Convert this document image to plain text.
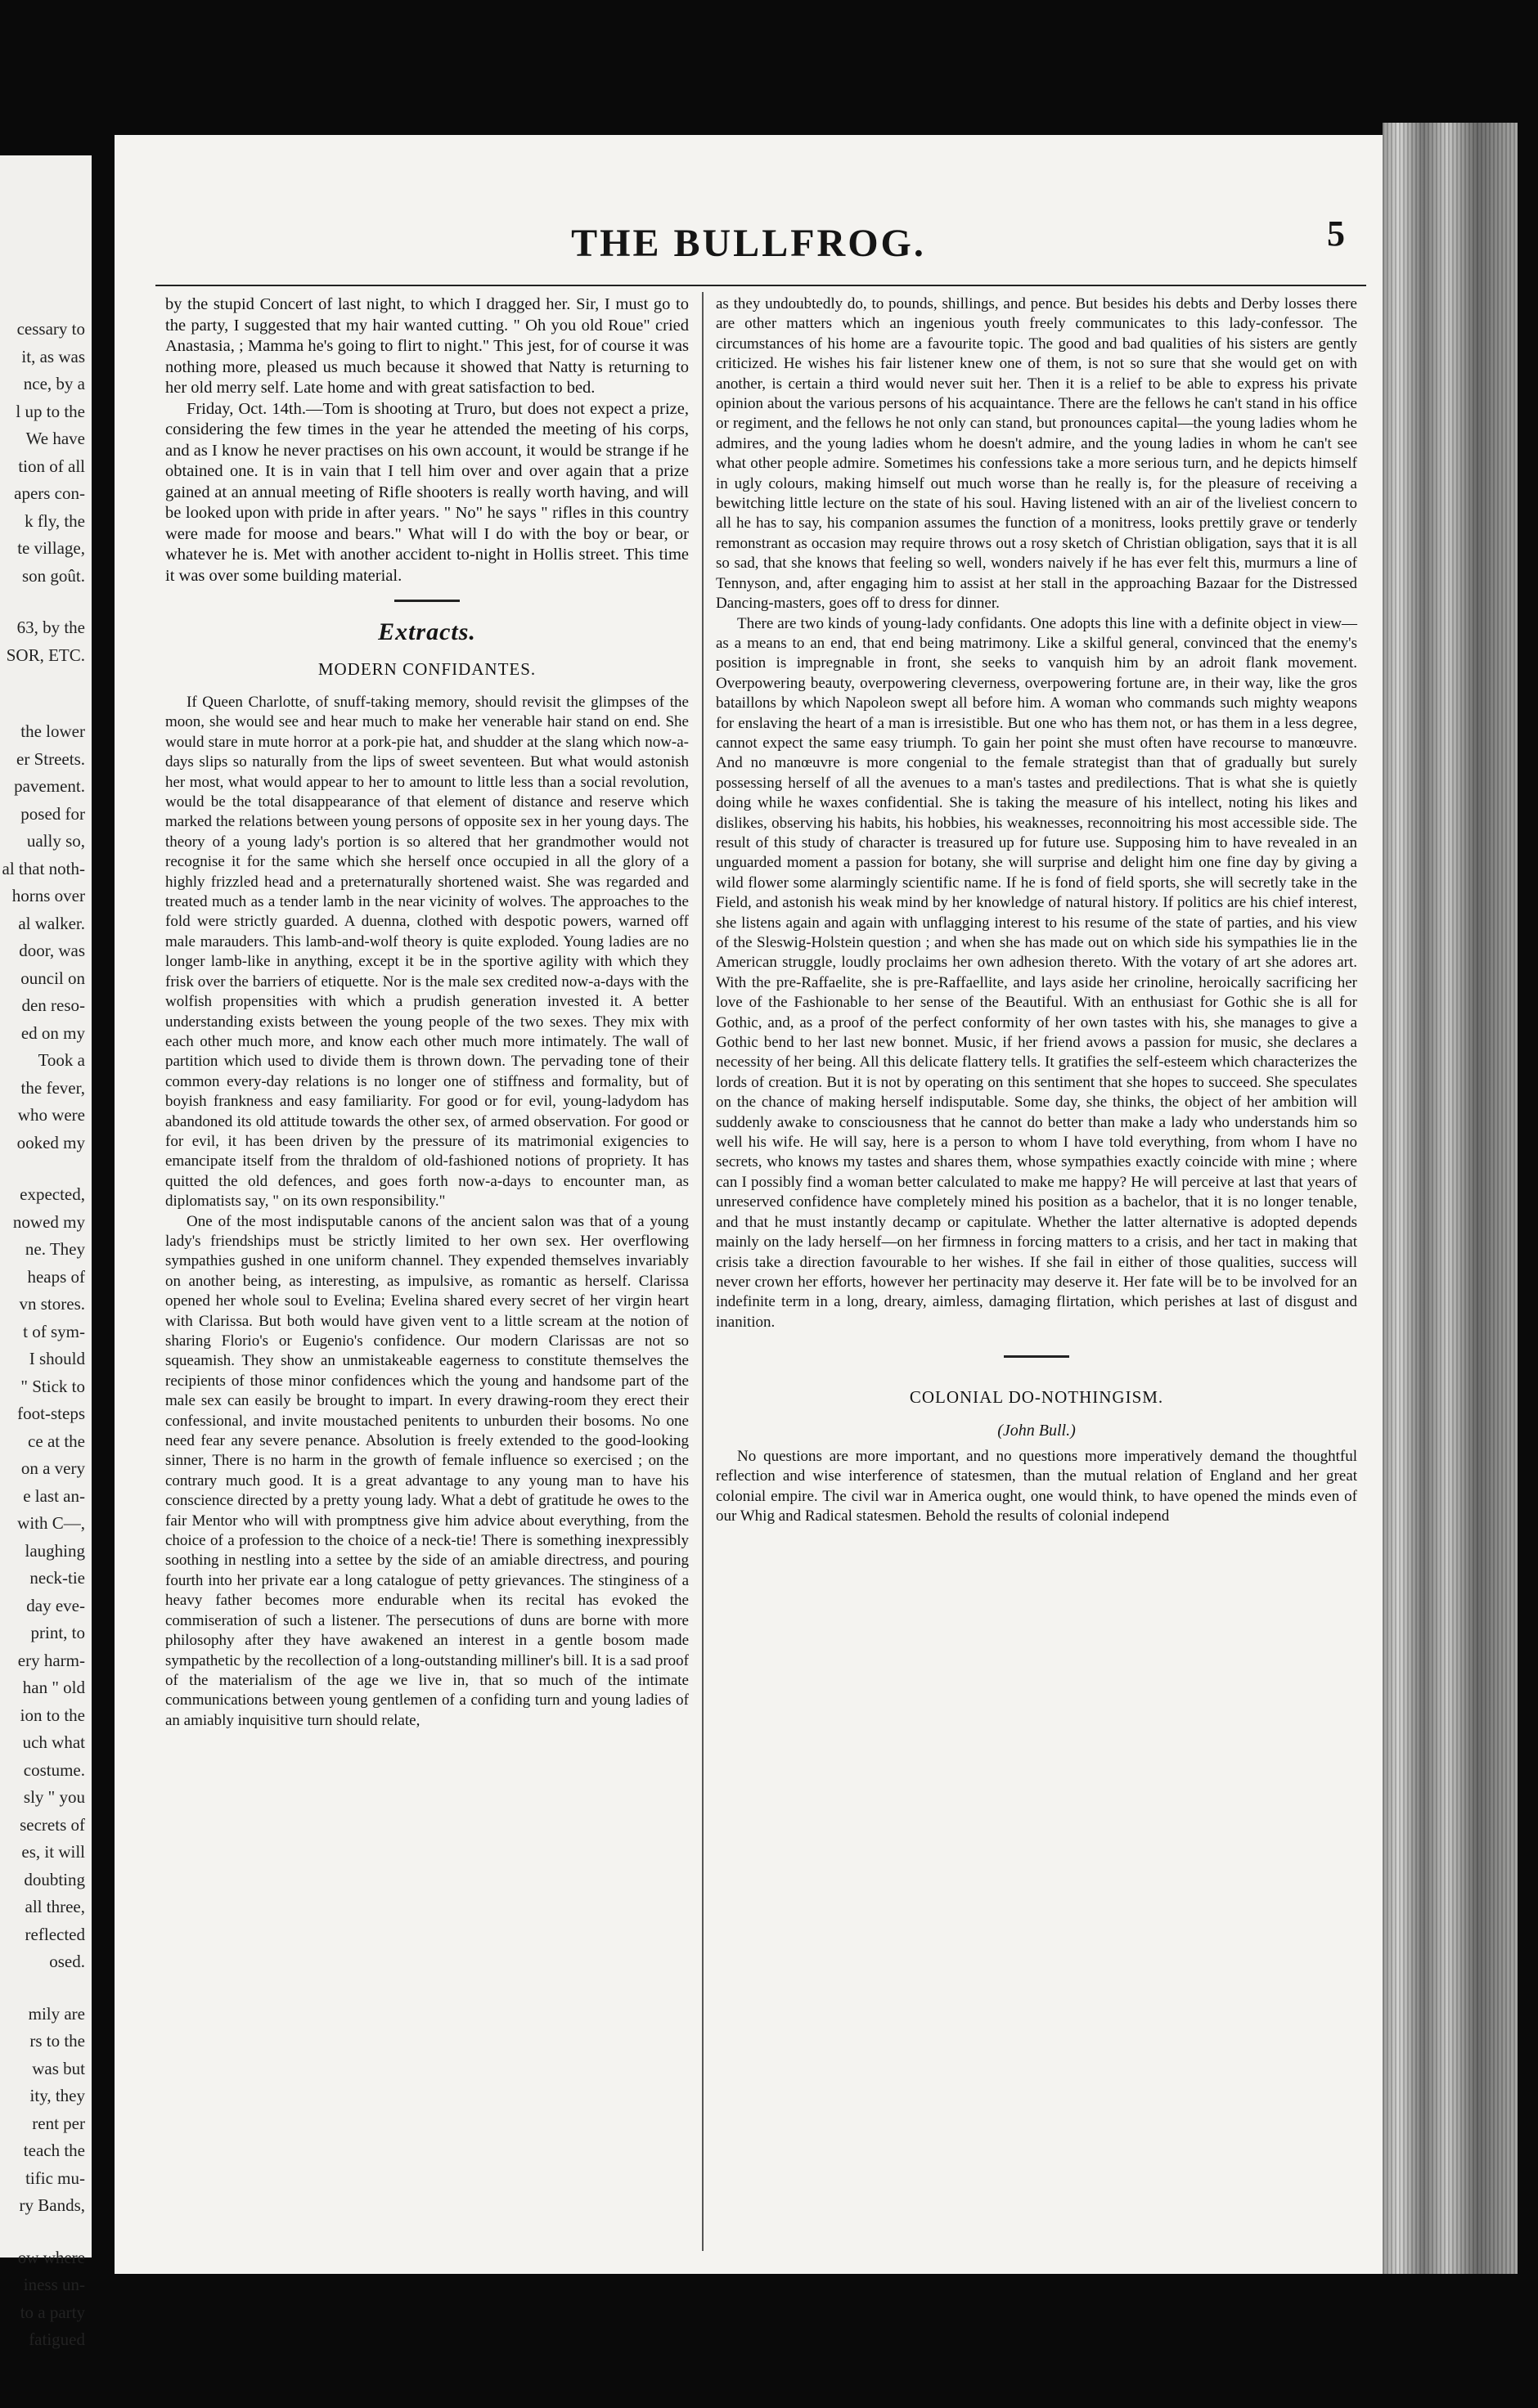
cessary to
it, as was
nce, by a
l up to the
We have
tion of all
apers con-
k fly, the
te village,
son goût.
63, by the
SOR, ETC.
the lower
er Streets.
pavement.
posed for
ually so,
al that noth-
horns over
al walker.
door, was
ouncil on
den reso-
ed on my
Took a
the fever,
who were
ooked my
expected,
nowed my
ne. They
heaps of
vn stores.
t of sym-
I should
" Stick to
foot-steps
ce at the
on a very
e last an-
with C—,
laughing
neck-tie
day eve-
print, to
ery harm-
han " old
ion to the
uch what
costume.
sly " you
secrets of
es, it will
doubting
all three,
reflected
osed.
mily are
rs to the
was but
ity, they
rent per
teach the
tific mu-
ry Bands,
ow where
iness un-
to a party
fatigued
THE BULLFROG.	5

by the stupid Concert of last night, to which I dragged her. Sir, I must go to the party, I suggested that my hair wanted cutting. " Oh you old Roue" cried Anastasia, ; Mamma he's going to flirt to night." This jest, for of course it was nothing more, pleased us much because it showed that Natty is returning to her old merry self. Late home and with great satisfaction to bed.

Friday, Oct. 14th.—Tom is shooting at Truro, but does not expect a prize, considering the few times in the year he attended the meeting of his corps, and as I know he never practises on his own account, it would be strange if he obtained one. It is in vain that I tell him over and over again that a prize gained at an annual meeting of Rifle shooters is really worth having, and will be looked upon with pride in after years. " No" he says " rifles in this country were made for moose and bears." What will I do with the boy or bear, or whatever he is. Met with another accident to-night in Hollis street. This time it was over some building material.

Extracts.
MODERN CONFIDANTES.

If Queen Charlotte, of snuff-taking memory, should revisit the glimpses of the moon, she would see and hear much to make her venerable hair stand on end. She would stare in mute horror at a pork-pie hat, and shudder at the slang which now-a-days slips so naturally from the lips of sweet seventeen. But what would astonish her most, what would appear to her to amount to little less than a social revolution, would be the total disappearance of that element of distance and reserve which marked the relations between young persons of opposite sex in her young days. The theory of a young lady's portion is so altered that her grandmother would not recognise it for the same which she herself once occupied in all the glory of a highly frizzled head and a preternaturally shortened waist. She was regarded and treated much as a tender lamb in the near vicinity of wolves. The approaches to the fold were strictly guarded. A duenna, clothed with despotic powers, warned off male marauders. This lamb-and-wolf theory is quite exploded. Young ladies are no longer lamb-like in anything, except it be in the sportive agility with which they frisk over the barriers of etiquette. Nor is the male sex credited now-a-days with the wolfish propensities with which a prudish generation invested it. A better understanding exists between the young people of the two sexes. They mix with each other much more, and know each other much more intimately. The wall of partition which used to divide them is thrown down. The pervading tone of their common every-day relations is no longer one of stiffness and formality, but of boyish frankness and easy familiarity. For good or for evil, young-ladydom has abandoned its old attitude towards the other sex, of armed observation. For good or for evil, it has been driven by the pressure of its matrimonial exigencies to emancipate itself from the thraldom of old-fashioned notions of propriety. It has quitted the old defences, and goes forth now-a-days to encounter man, as diplomatists say, " on its own responsibility."

One of the most indisputable canons of the ancient salon was that of a young lady's friendships must be strictly limited to her own sex. Her overflowing sympathies gushed in one uniform channel. They expended themselves invariably on another being, as interesting, as impulsive, as romantic as herself. Clarissa opened her whole soul to Evelina; Evelina shared every secret of her virgin heart with Clarissa. But both would have given vent to a little scream at the notion of sharing Florio's or Eugenio's confidence. Our modern Clarissas are not so squeamish. They show an unmistakeable eagerness to constitute themselves the recipients of those minor confidences which the young and handsome part of the male sex can easily be brought to impart. In every drawing-room they erect their confessional, and invite moustached penitents to unburden their bosoms. No one need fear any severe penance. Absolution is freely extended to the good-looking sinner, There is no harm in the growth of female influence so exercised ; on the contrary much good. It is a great advantage to any young man to have his conscience directed by a pretty young lady. What a debt of gratitude he owes to the fair Mentor who will with promptness give him advice about everything, from the choice of a profession to the choice of a neck-tie! There is something inexpressibly soothing in nestling into a settee by the side of an amiable directress, and pouring fourth into her private ear a long catalogue of petty grievances. The stinginess of a heavy father becomes more endurable when its recital has evoked the commiseration of such a listener. The persecutions of duns are borne with more philosophy after they have awakened an interest in a gentle bosom made sympathetic by the recollection of a long-outstanding milliner's bill. It is a sad proof of the materialism of the age we live in, that so much of the intimate communications between young gentlemen of a confiding turn and young ladies of an amiably inquisitive turn should relate,

as they undoubtedly do, to pounds, shillings, and pence. But besides his debts and Derby losses there are other matters which an ingenious youth freely communicates to this lady-confessor. The circumstances of his home are a favourite topic. The good and bad qualities of his sisters are gently criticized. He wishes his fair listener knew one of them, is not so sure that she would get on with another, is certain a third would never suit her. Then it is a relief to be able to express his private opinion about the various persons of his acquaintance. There are the fellows he can't stand in his office or regiment, and the fellows he not only can stand, but pronounces capital—the young ladies whom he admires, and the young ladies whom he doesn't admire, and the young ladies in whom he can't see what other people admire. Sometimes his confessions take a more serious turn, and he depicts himself in ugly colours, making himself out much worse than he really is, for the pleasure of receiving a bewitching little lecture on the state of his soul. Having listened with an air of the liveliest concern to all he has to say, his companion assumes the function of a monitress, looks prettily grave or tenderly remonstrant as occasion may require throws out a rosy sketch of Christian obligation, says that it is all so sad, that she knows that feeling so well, wonders naively if he has ever felt this, murmurs a line of Tennyson, and, after engaging him to assist at her stall in the approaching Bazaar for the Distressed Dancing-masters, goes off to dress for dinner.

There are two kinds of young-lady confidants. One adopts this line with a definite object in view—as a means to an end, that end being matrimony. Like a skilful general, convinced that the enemy's position is impregnable in front, she seeks to vanquish him by an adroit flank movement. Overpowering beauty, overpowering cleverness, overpowering fortune are, in their way, like the gros bataillons by which Napoleon swept all before him. A woman who commands such mighty weapons for enslaving the heart of a man is irresistible. But one who has them not, or has them in a less degree, cannot expect the same easy triumph. To gain her point she must often have recourse to manœuvre. And no manœuvre is more congenial to the female strategist than that of gradually but surely possessing herself of all the avenues to a man's tastes and predilections. That is what she is quietly doing while he waxes confidential. She is taking the measure of his intellect, noting his likes and dislikes, observing his habits, his hobbies, his weaknesses, reconnoitring his most accessible side. The result of this study of character is treasured up for future use. Supposing him to have revealed in an unguarded moment a passion for botany, she will surprise and delight him one fine day by giving a wild flower some alarmingly scientific name. If he is fond of field sports, she will secretly take in the Field, and astonish his weak mind by her knowledge of natural history. If politics are his chief interest, she listens again and again with unflagging interest to his resume of the state of parties, and his view of the Sleswig-Holstein question ; and when she has made out on which side his sympathies lie in the American struggle, loudly proclaims her own adhesion thereto. With the votary of art she adores art. With the pre-Raffaelite, she is pre-Raffaellite, and lays aside her crinoline, heroically sacrificing her love of the Fashionable to her sense of the Beautiful. With an enthusiast for Gothic she is all for Gothic, and, as a proof of the perfect conformity of her own tastes with his, she manages to give a Gothic bend to her last new bonnet. Music, if her friend avows a passion for music, she declares a necessity of her being. All this delicate flattery tells. It gratifies the self-esteem which characterizes the lords of creation. But it is not by operating on this sentiment that she hopes to succeed. She speculates on the chance of making herself indisputable. Some day, she thinks, the object of her ambition will suddenly awake to consciousness that he cannot do better than make a lady who understands him so well his wife. He will say, here is a person to whom I have told everything, from whom I have no secrets, who knows my tastes and shares them, whose sympathies exactly coincide with mine ; where can I possibly find a woman better calculated to make me happy? He will perceive at last that years of unreserved confidence have completely mined his position as a bachelor, that it is no longer tenable, and that he must instantly decamp or capitulate. Whether the latter alternative is adopted depends mainly on the lady herself—on her firmness in forcing matters to a crisis, and her tact in making that crisis take a direction favourable to her wishes. If she fail in either of those qualities, success will never crown her efforts, however her pertinacity may deserve it. Her fate will be to be involved for an indefinite term in a long, dreary, aimless, damaging flirtation, which perishes at last of disgust and inanition.

COLONIAL DO-NOTHINGISM.
(John Bull.)

No questions are more important, and no questions more imperatively demand the thoughtful reflection and wise interference of statesmen, than the mutual relation of England and her great colonial empire. The civil war in America ought, one would think, to have opened the minds even of our Whig and Radical statesmen. Behold the results of colonial independ
